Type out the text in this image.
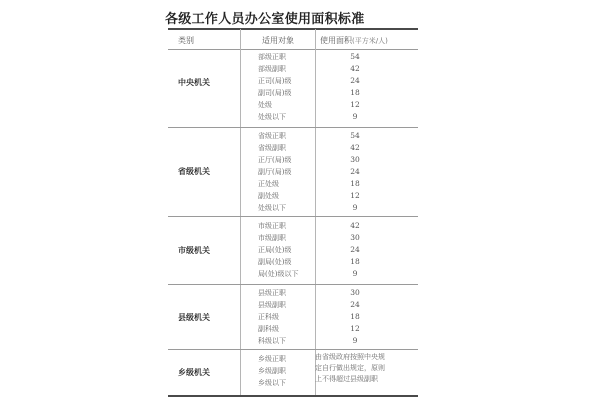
各级工作人员办公室使用面积标准
类别	适用对象	使用面积(平方米/人)
中央机关
部级正职	54
部级副职	42
正司(局)级	24
副司(局)级	18
处级	12
处级以下	9
省级机关
省级正职	54
省级副职	42
正厅(局)级	30
副厅(局)级	24
正处级	18
副处级	12
处级以下	9
市级机关
市级正职	42
市级副职	30
正局(处)级	24
副局(处)级	18
局(处)级以下	9
县级机关
县级正职	30
县级副职	24
正科级	18
副科级	12
科级以下	9
乡级机关
乡级正职
乡级副职
乡级以下
由省级政府按照中央规
定自行做出规定，原则
上不得超过县级副职
